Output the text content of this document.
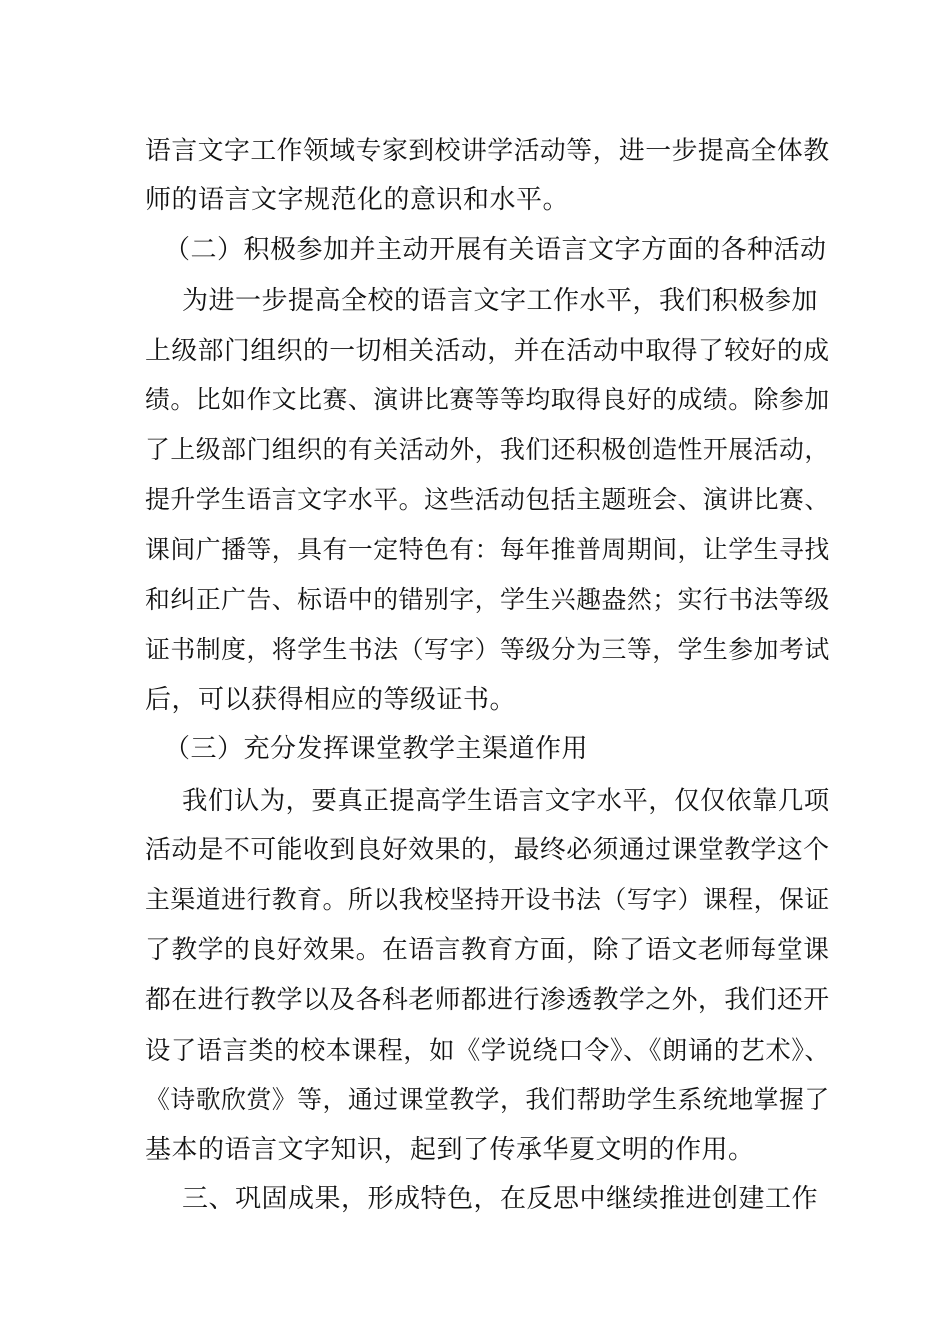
语言文字工作领域专家到校讲学活动等，进一步提高全体教
师的语言文字规范化的意识和水平。
（二）积极参加并主动开展有关语言文字方面的各种活动
为进一步提高全校的语言文字工作水平，我们积极参加
上级部门组织的一切相关活动，并在活动中取得了较好的成
绩。比如作文比赛、演讲比赛等等均取得良好的成绩。除参加
了上级部门组织的有关活动外，我们还积极创造性开展活动，
提升学生语言文字水平。这些活动包括主题班会、演讲比赛、
课间广播等，具有一定特色有：每年推普周期间，让学生寻找
和纠正广告、标语中的错别字，学生兴趣盎然；实行书法等级
证书制度，将学生书法（写字）等级分为三等，学生参加考试
后，可以获得相应的等级证书。
（三）充分发挥课堂教学主渠道作用
我们认为，要真正提高学生语言文字水平，仅仅依靠几项
活动是不可能收到良好效果的，最终必须通过课堂教学这个
主渠道进行教育。所以我校坚持开设书法（写字）课程，保证
了教学的良好效果。在语言教育方面，除了语文老师每堂课
都在进行教学以及各科老师都进行渗透教学之外，我们还开
设了语言类的校本课程，如《学说绕口令》、《朗诵的艺术》、
《诗歌欣赏》等，通过课堂教学，我们帮助学生系统地掌握了
基本的语言文字知识，起到了传承华夏文明的作用。
三、巩固成果，形成特色，在反思中继续推进创建工作
